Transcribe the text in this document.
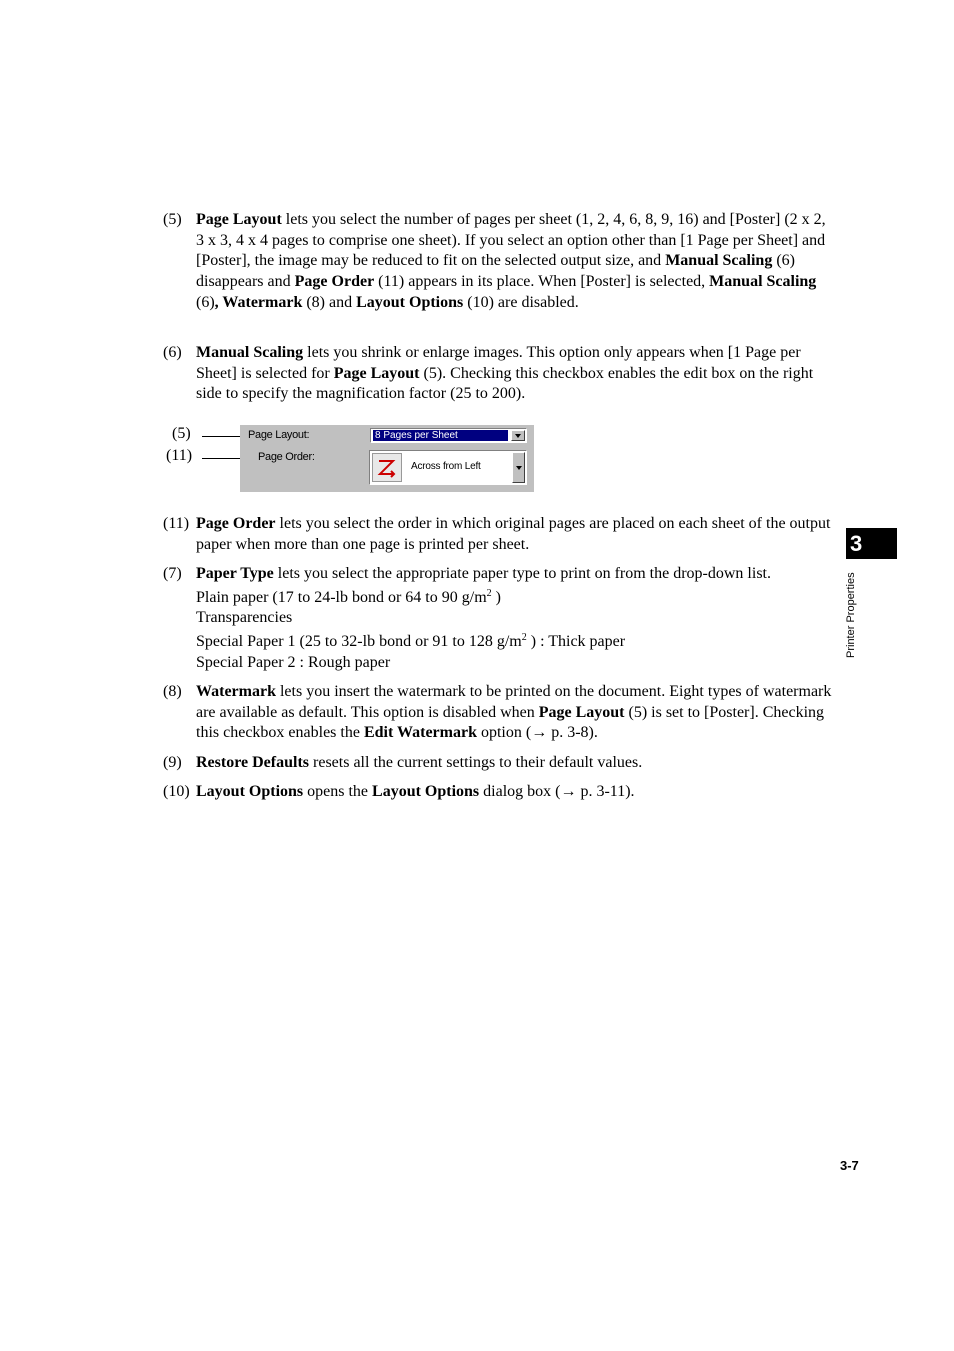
(5) Page Layout lets you select the number of pages per sheet (1, 2, 4, 6, 8, 9, 16) and [Poster] (2 x 2, 3 x 3, 4 x 4 pages to comprise one sheet). If you select an option other than [1 Page per Sheet] and [Poster], the image may be reduced to fit on the selected output size, and Manual Scaling (6) disappears and Page Order (11) appears in its place. When [Poster] is selected, Manual Scaling (6), Watermark (8) and Layout Options (10) are disabled.
(6) Manual Scaling lets you shrink or enlarge images. This option only appears when [1 Page per Sheet] is selected for Page Layout (5). Checking this checkbox enables the edit box on the right side to specify the magnification factor (25 to 200).
(5)
(11)
Page Layout:	8 Pages per Sheet
Page Order:
Across from Left
(11) Page Order lets you select the order in which original pages are placed on each sheet of the output paper when more than one page is printed per sheet.
(7) Paper Type lets you select the appropriate paper type to print on from the drop-down list.
Plain paper (17 to 24-lb bond or 64 to 90 $g/m^2$ )
Transparencies
Special Paper 1 (25 to 32-lb bond or 91 to 128 $g/m^2$ ) : Thick paper
Special Paper 2 : Rough paper
(8) Watermark lets you insert the watermark to be printed on the document. Eight types of watermark are available as default. This option is disabled when Page Layout (5) is set to [Poster]. Checking this checkbox enables the Edit Watermark option (→ p. 3-8).
(9) Restore Defaults resets all the current settings to their default values.
(10) Layout Options opens the Layout Options dialog box (→ p. 3-11).
3
Printer Properties
3-7
